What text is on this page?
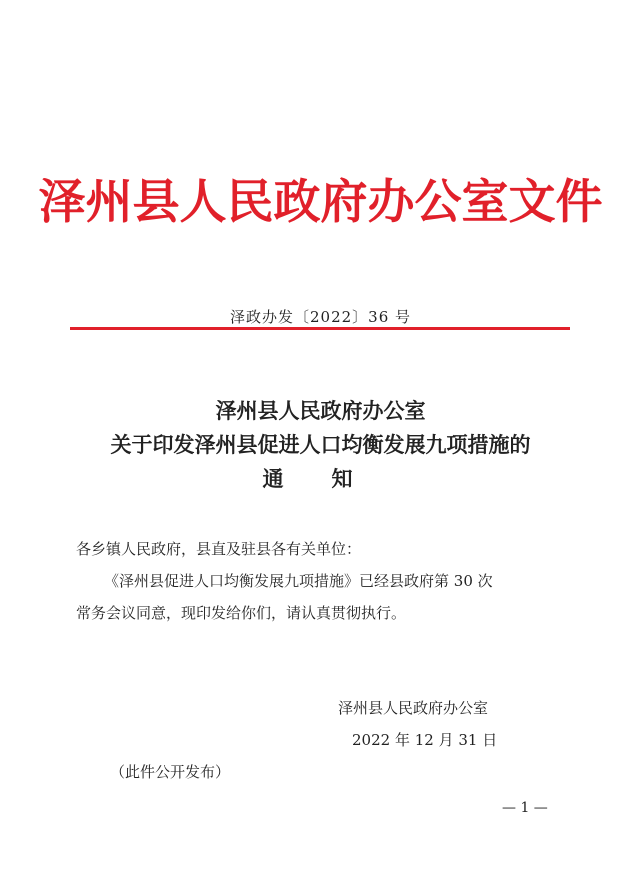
泽州县人民政府办公室文件
泽政办发〔2022〕36 号
泽州县人民政府办公室
关于印发泽州县促进人口均衡发展九项措施的
通 知
各乡镇人民政府，县直及驻县各有关单位：
《泽州县促进人口均衡发展九项措施》已经县政府第 30 次
常务会议同意，现印发给你们，请认真贯彻执行。
泽州县人民政府办公室
2022 年 12 月 31 日
（此件公开发布）
— 1 —
